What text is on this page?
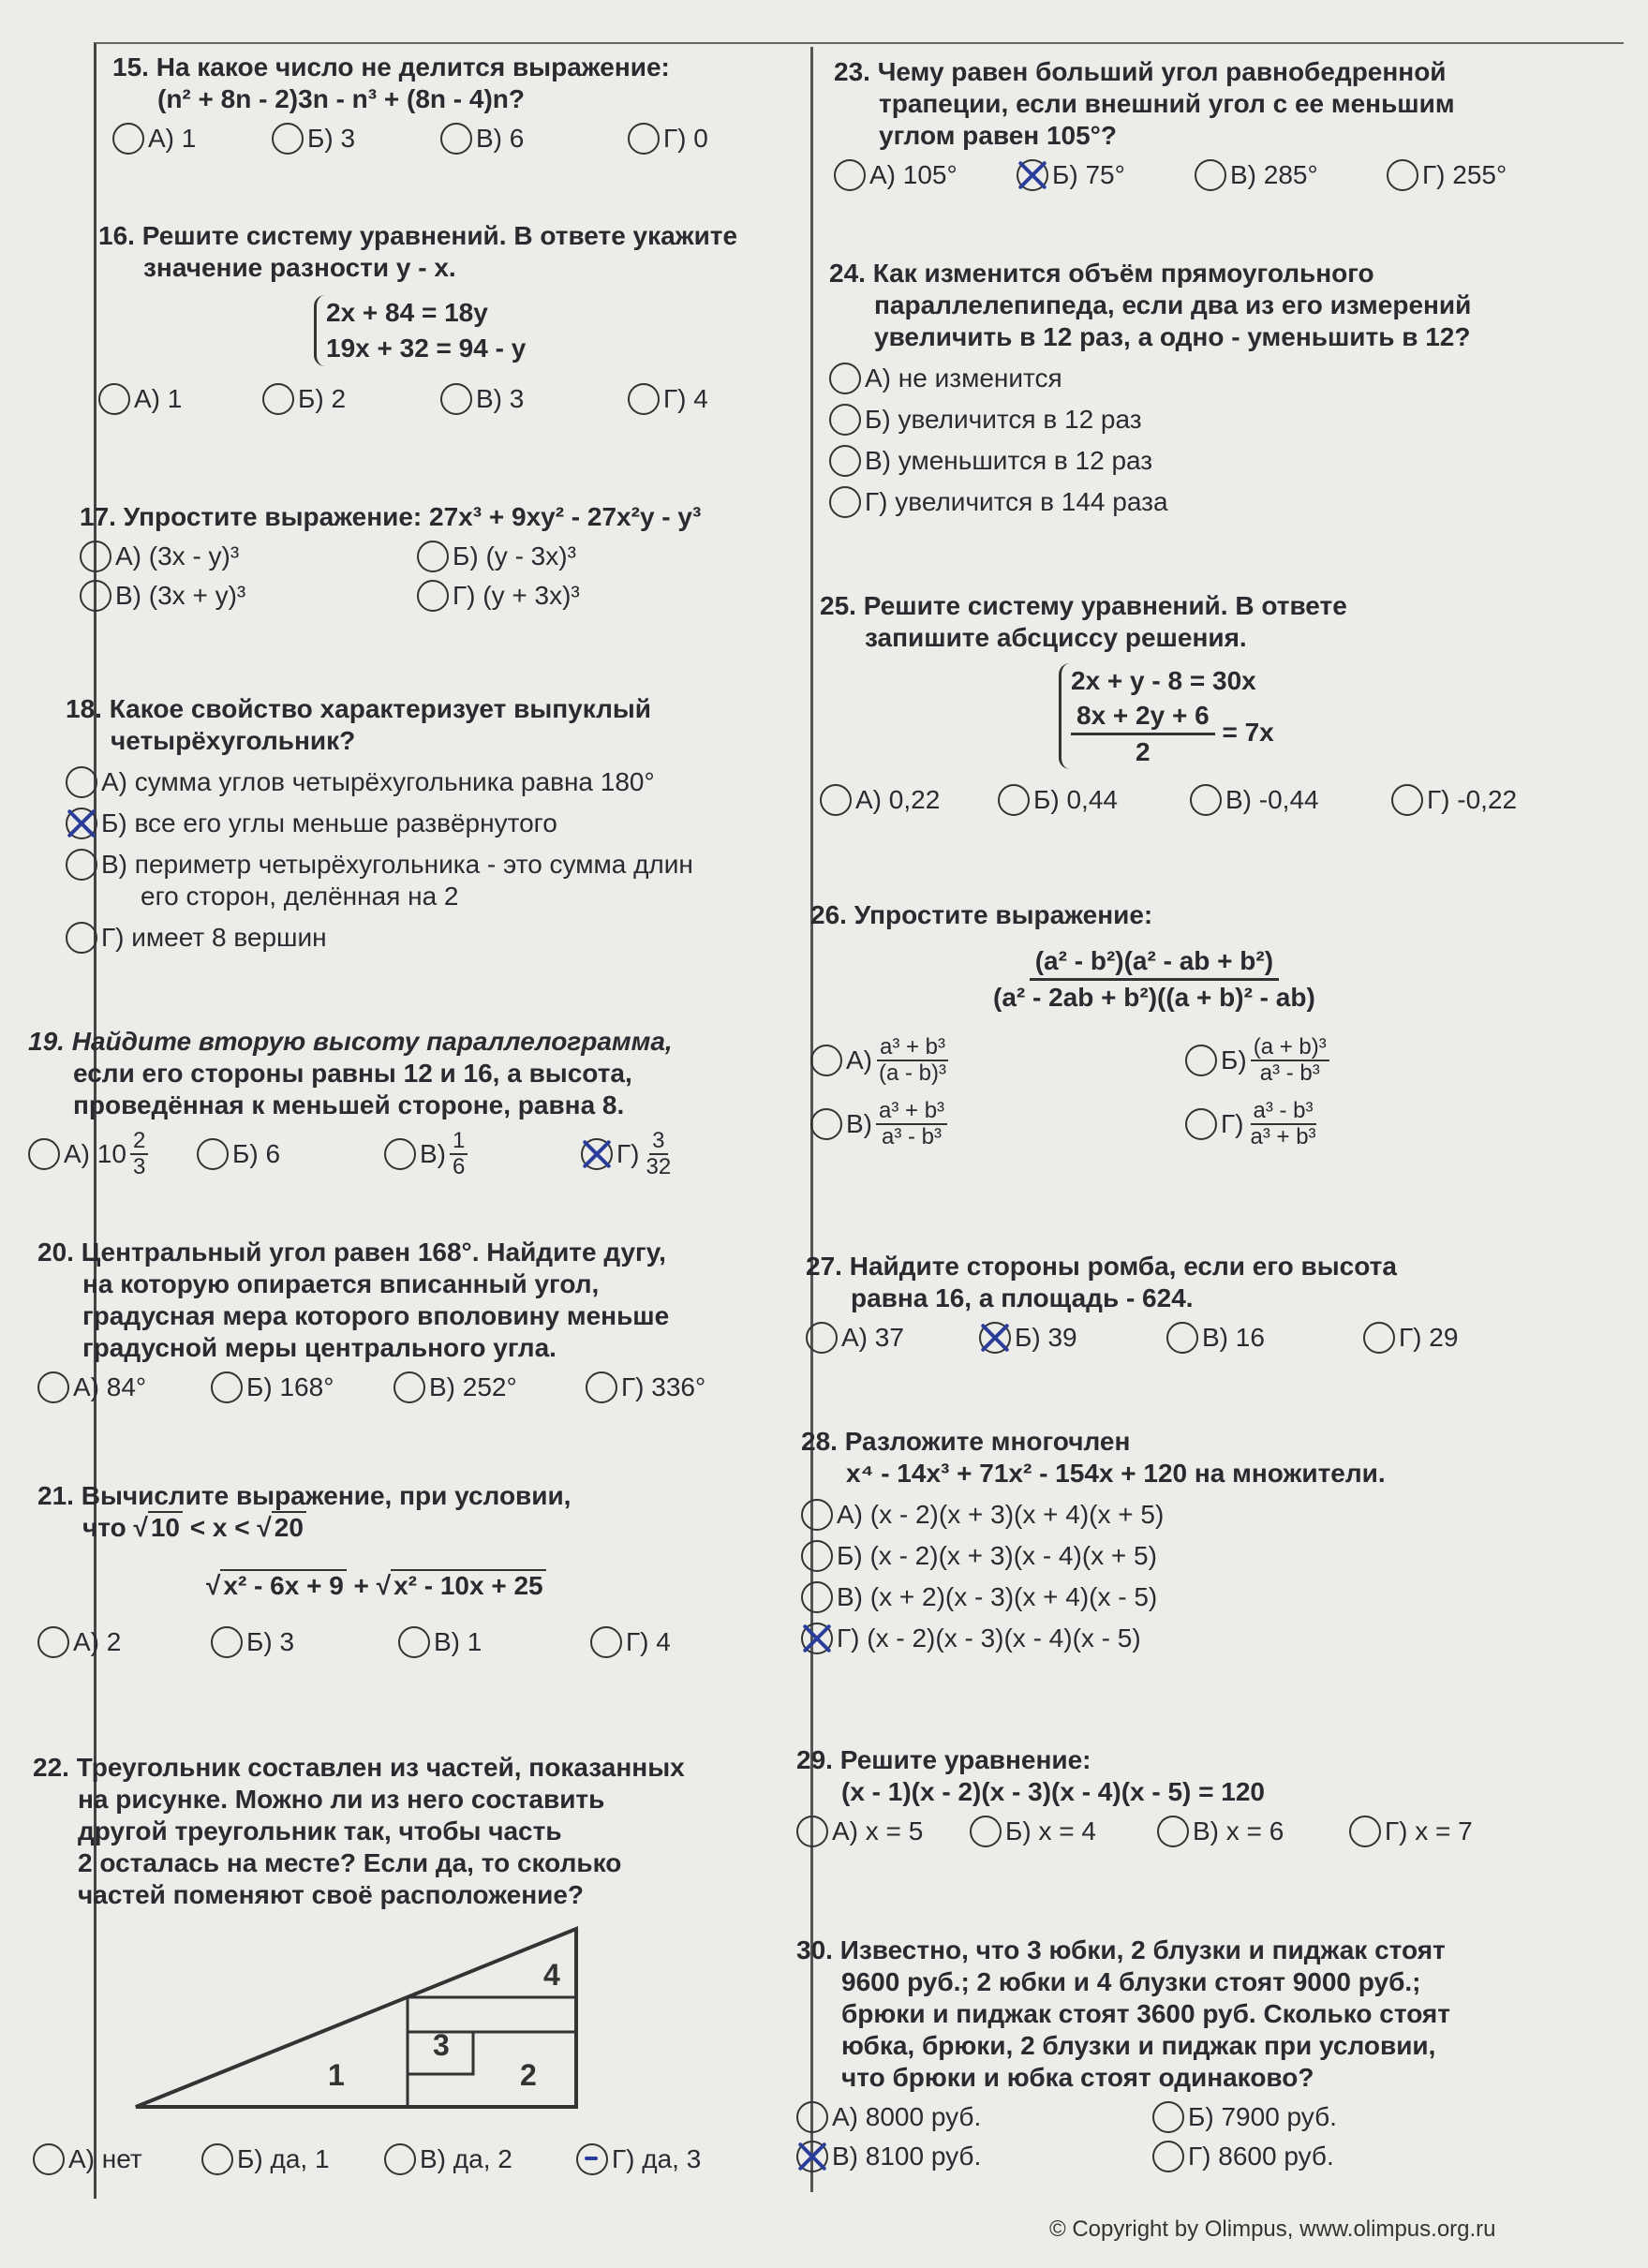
15. На какое число не делится выражение:
(n² + 8n - 2)3n - n³ + (8n - 4)n?
А) 1	Б) 3	В) 6	Г) 0
16. Решите систему уравнений. В ответе укажите
значение разности y - x.
2x + 84 = 18y
19x + 32 = 94 - y
А) 1	Б) 2	В) 3	Г) 4
17. Упростите выражение: 27x³ + 9xy² - 27x²y - y³
А) (3x - y)³	Б) (y - 3x)³
В) (3x + y)³	Г) (y + 3x)³
18. Какое свойство характеризует выпуклый
четырёхугольник?
А) сумма углов четырёхугольника равна 180°
Б) все его углы меньше развёрнутого
В) периметр четырёхугольника - это сумма длин
его сторон, делённая на 2
Г) имеет 8 вершин
19. Найдите вторую высоту параллелограмма,
если его стороны равны 12 и 16, а высота,
проведённая к меньшей стороне, равна 8.
А) $10 \frac{2}{3}$	Б) 6	$В) \frac{1}{6}$	$Г) \frac{3}{32}$
20. Центральный угол равен 168°. Найдите дугу,
на которую опирается вписанный угол,
градусная мера которого вполовину меньше
градусной меры центрального угла.
А) 84°	Б) 168°	В) 252°	Г) 336°
21. Вычислите выражение, при условии,
что √ 10 < x < √ 20
√ x² - 6x + 9 + √ x² - 10x + 25
А) 2	Б) 3	В) 1	Г) 4
22. Треугольник составлен из частей, показанных
на рисунке. Можно ли из него составить
другой треугольник так, чтобы часть
2 осталась на месте? Если да, то сколько
частей поменяют своё расположение?
1	2
3
4
А) нет	Б) да, 1	В) да, 2	Г) да, 3
23. Чему равен больший угол равнобедренной
трапеции, если внешний угол с ее меньшим
углом равен 105°?
А) 105°	Б) 75°	В) 285°	Г) 255°
24. Как изменится объём прямоугольного
параллелепипеда, если два из его измерений
увеличить в 12 раз, а одно - уменьшить в 12?
А) не изменится
Б) увеличится в 12 раз
В) уменьшится в 12 раз
Г) увеличится в 144 раза
25. Решите систему уравнений. В ответе
запишите абсциссу решения.
2x + y - 8 = 30x

$\frac{8x + 2y + 6}{2} = 7x$
А) 0,22	Б) 0,44	В) -0,44	Г) -0,22
26. Упростите выражение:
$\frac{\text{(a² - b²)(a² - ab + b²)}}{\text{(a² - 2ab + b²)((a + b)² - ab)}}$
$А) \frac{\text{a³ + b³}}{\text{(a - b)³}}$	$Б) \frac{\text{(a + b)³}}{\text{a³ - b³}}$
$В) \frac{\text{a³ + b³}}{\text{a³ - b³}}$	$Г) \frac{\text{a³ - b³}}{\text{a³ + b³}}$
27. Найдите стороны ромба, если его высота
равна 16, а площадь - 624.
А) 37	Б) 39	В) 16	Г) 29
28. Разложите многочлен
x⁴ - 14x³ + 71x² - 154x + 120 на множители.
А) (x - 2)(x + 3)(x + 4)(x + 5)
Б) (x - 2)(x + 3)(x - 4)(x + 5)
В) (x + 2)(x - 3)(x + 4)(x - 5)
Г) (x - 2)(x - 3)(x - 4)(x - 5)
29. Решите уравнение:
(x - 1)(x - 2)(x - 3)(x - 4)(x - 5) = 120
А) x = 5	Б) x = 4	В) x = 6	Г) x = 7
30. Известно, что 3 юбки, 2 блузки и пиджак стоят
9600 руб.; 2 юбки и 4 блузки стоят 9000 руб.;
брюки и пиджак стоят 3600 руб. Сколько стоят
юбка, брюки, 2 блузки и пиджак при условии,
что брюки и юбка стоят одинаково?
А) 8000 руб.	Б) 7900 руб.
В) 8100 руб.	Г) 8600 руб.
© Copyright by Olimpus, www.olimpus.org.ru
